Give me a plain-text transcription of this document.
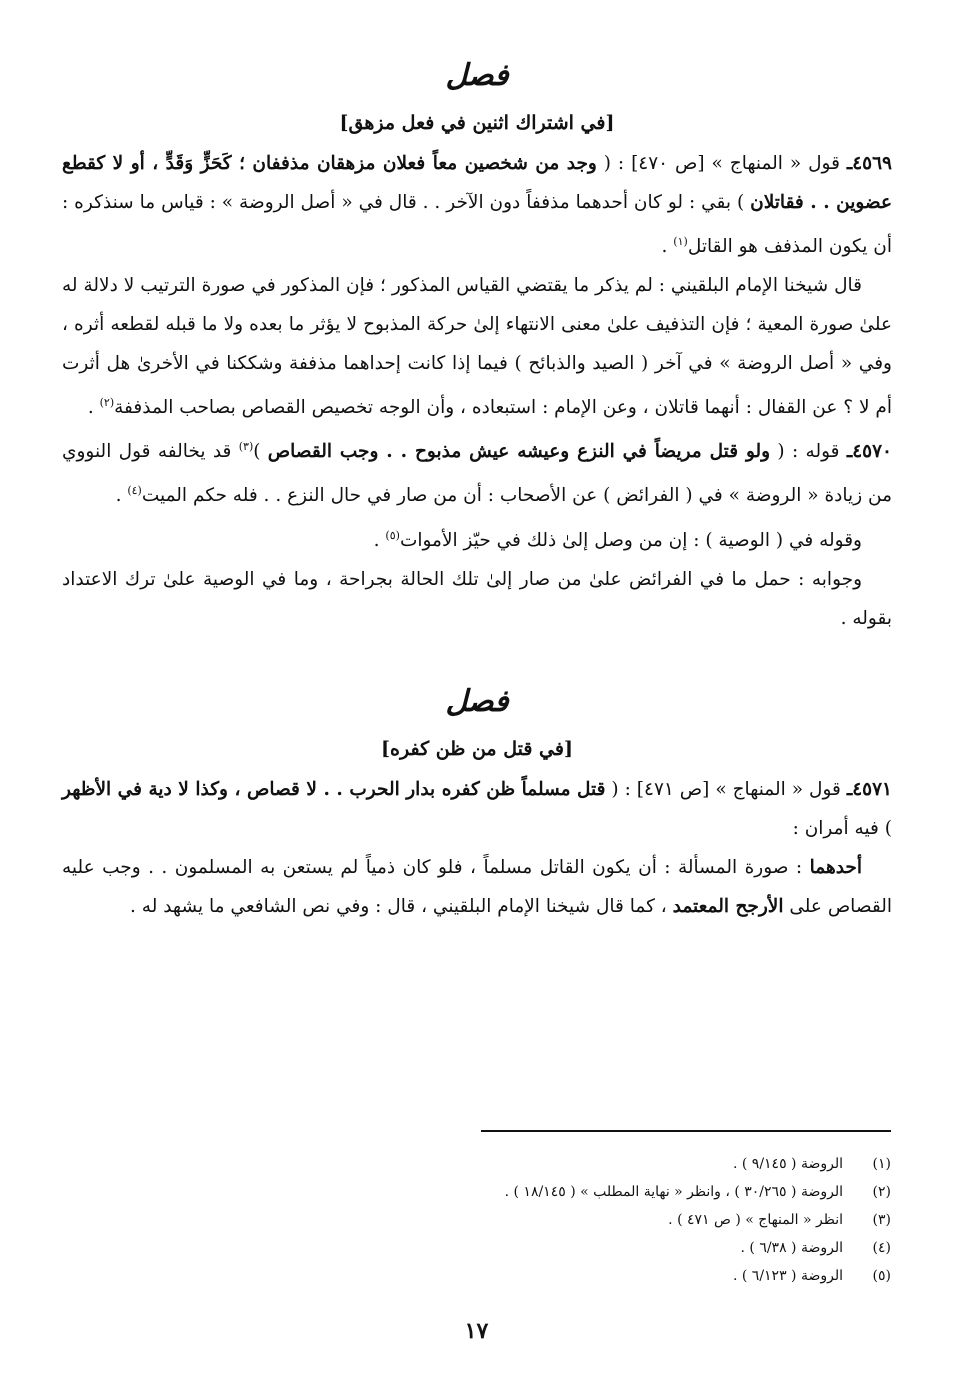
فصل
[في اشتراك اثنين في فعل مزهق]

٤٥٦٩ـ قول « المنهاج » [ص ٤٧٠] : ( وجد من شخصين معاً فعلان مزهقان مذففان ؛ كَحَزٍّ وَقَدٍّ ، أو لا كقطع عضوين . . فقاتلان ) بقي : لو كان أحدهما مذففاً دون الآخر . . قال في « أصل الروضة » : قياس ما سنذكره : أن يكون المذفف هو القاتل$^{(١)}$ .

قال شيخنا الإمام البلقيني : لم يذكر ما يقتضي القياس المذكور ؛ فإن المذكور في صورة الترتيب لا دلالة له علىٰ صورة المعية ؛ فإن التذفيف علىٰ معنى الانتهاء إلىٰ حركة المذبوح لا يؤثر ما بعده ولا ما قبله لقطعه أثره ، وفي « أصل الروضة » في آخر ( الصيد والذبائح ) فيما إذا كانت إحداهما مذففة وشككنا في الأخرىٰ هل أثرت أم لا ؟ عن القفال : أنهما قاتلان ، وعن الإمام : استبعاده ، وأن الوجه تخصيص القصاص بصاحب المذففة$^{(٢)}$ .

٤٥٧٠ـ قوله : ( ولو قتل مريضاً في النزع وعيشه عيش مذبوح . . وجب القصاص )$^{(٣)}$ قد يخالفه قول النووي من زيادة « الروضة » في ( الفرائض ) عن الأصحاب : أن من صار في حال النزع . . فله حكم الميت$^{(٤)}$ .

وقوله في ( الوصية ) : إن من وصل إلىٰ ذلك في حيّز الأموات$^{(٥)}$ .

وجوابه : حمل ما في الفرائض علىٰ من صار إلىٰ تلك الحالة بجراحة ، وما في الوصية علىٰ ترك الاعتداد بقوله .

فصل
[في قتل من ظن كفره]

٤٥٧١ـ قول « المنهاج » [ص ٤٧١] : ( قتل مسلماً ظن كفره بدار الحرب . . لا قصاص ، وكذا لا دية في الأظهر ) فيه أمران :

أحدهما : صورة المسألة : أن يكون القاتل مسلماً ، فلو كان ذمياً لم يستعن به المسلمون . . وجب عليه القصاص على الأرجح المعتمد ، كما قال شيخنا الإمام البلقيني ، قال : وفي نص الشافعي ما يشهد له .

(١)
الروضة ( ٩/١٤٥ ) .
(٢)
الروضة ( ٣٠/٢٦٥ ) ، وانظر « نهاية المطلب » ( ١٨/١٤٥ ) .
(٣)
انظر « المنهاج » ( ص ٤٧١ ) .
(٤)
الروضة ( ٦/٣٨ ) .
(٥)
الروضة ( ٦/١٢٣ ) .
١٧
